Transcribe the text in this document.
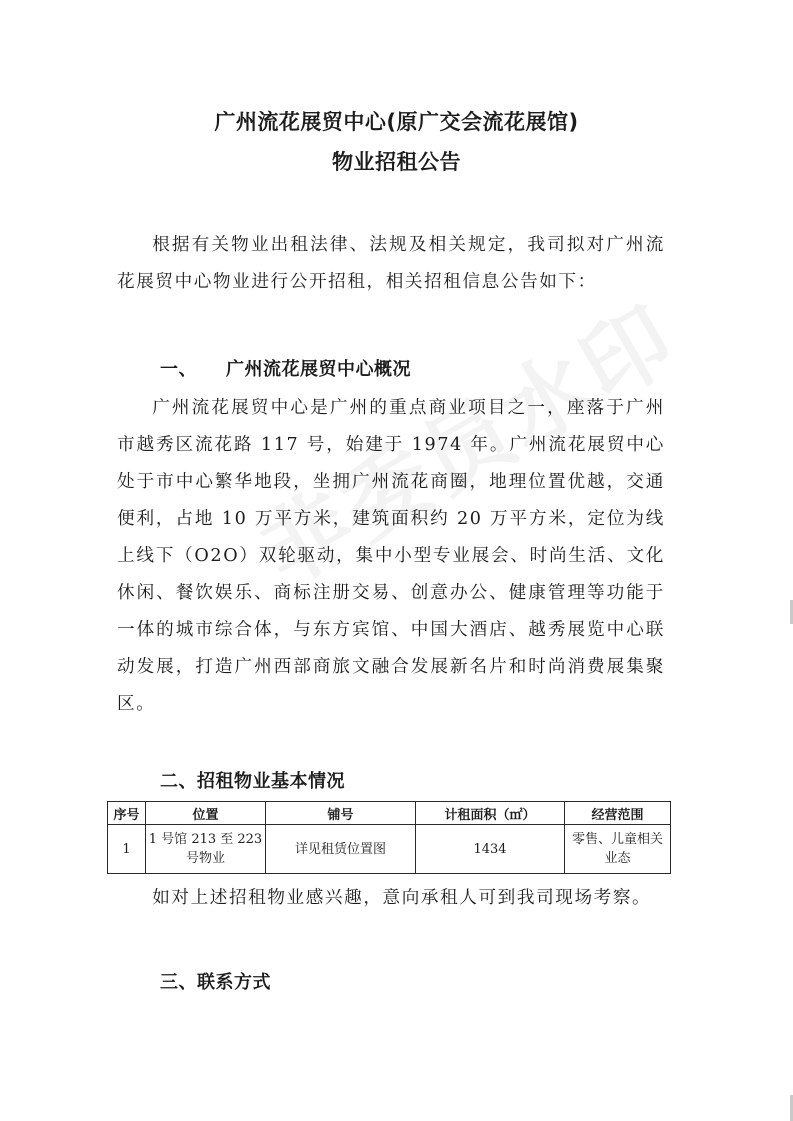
广州流花展贸中心(原广交会流花展馆)
物业招租公告

根据有关物业出租法律、法规及相关规定，我司拟对广州流花展贸中心物业进行公开招租，相关招租信息公告如下：

一、 广州流花展贸中心概况

广州流花展贸中心是广州的重点商业项目之一，座落于广州市越秀区流花路 117 号，始建于 1974 年。广州流花展贸中心处于市中心繁华地段，坐拥广州流花商圈，地理位置优越，交通便利，占地 10 万平方米，建筑面积约 20 万平方米，定位为线上线下（O2O）双轮驱动，集中小型专业展会、时尚生活、文化休闲、餐饮娱乐、商标注册交易、创意办公、健康管理等功能于一体的城市综合体，与东方宾馆、中国大酒店、越秀展览中心联动发展，打造广州西部商旅文融合发展新名片和时尚消费展集聚区。

二、招租物业基本情况
序号	位置	铺号	计租面积（㎡）	经营范围
1	1 号馆 213 至 223 号物业	详见租赁位置图	1434	零售、儿童相关业态

如对上述招租物业感兴趣，意向承租人可到我司现场考察。

三、联系方式
